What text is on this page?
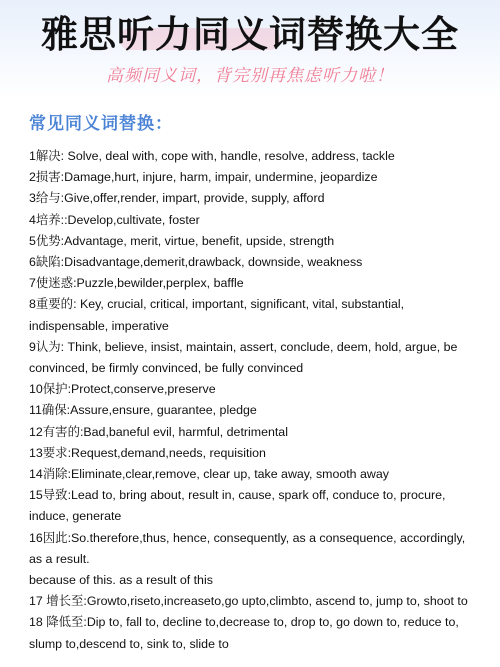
雅思听力同义词替换大全
高频同义词，背完别再焦虑听力啦！
常见同义词替换：
1解决: Solve, deal with, cope with, handle, resolve, address, tackle
2损害:Damage,hurt, injure, harm, impair, undermine, jeopardize
3给与:Give,offer,render, impart, provide, supply, afford
4培养::Develop,cultivate, foster
5优势:Advantage, merit, virtue, benefit, upside, strength
6缺陷:Disadvantage,demerit,drawback, downside, weakness
7使迷惑:Puzzle,bewilder,perplex, baffle
8重要的: Key, crucial, critical, important, significant, vital, substantial, indispensable, imperative
9认为: Think, believe, insist, maintain, assert, conclude, deem, hold, argue, be convinced, be firmly convinced, be fully convinced
10保护:Protect,conserve,preserve
11确保:Assure,ensure, guarantee, pledge
12有害的:Bad,baneful evil, harmful, detrimental
13要求:Request,demand,needs, requisition
14消除:Eliminate,clear,remove, clear up, take away, smooth away
15导致:Lead to, bring about, result in, cause, spark off, conduce to, procure, induce, generate
16因此:So.therefore,thus, hence, consequently, as a consequence, accordingly, as a result.
because of this. as a result of this
17 增长至:Growto,riseto,increaseto,go upto,climbto, ascend to, jump to, shoot to
18 降低至:Dip to, fall to, decline to,decrease to, drop to, go down to, reduce to, slump to,descend to, sink to, slide to
